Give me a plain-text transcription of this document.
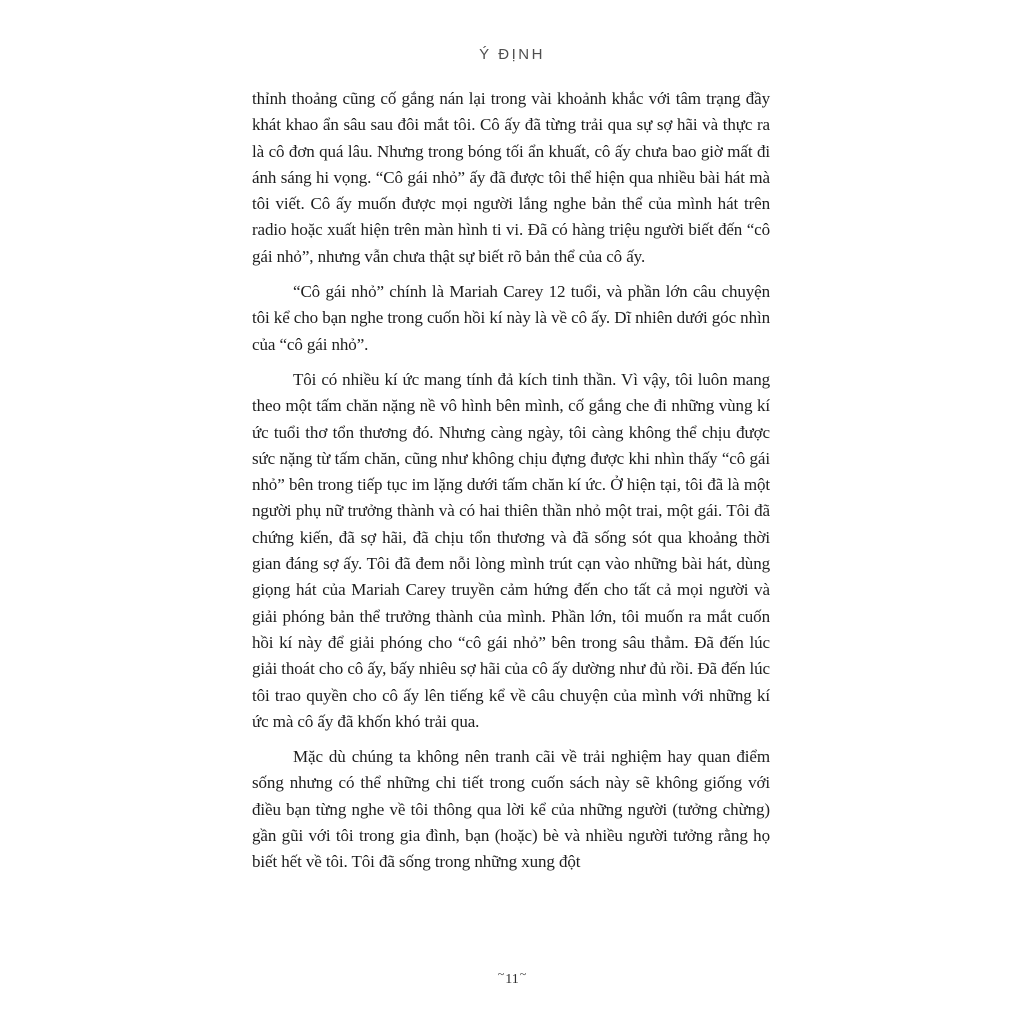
Ý ĐỊNH

thỉnh thoảng cũng cố gắng nán lại trong vài khoảnh khắc với tâm trạng đầy khát khao ẩn sâu sau đôi mắt tôi. Cô ấy đã từng trải qua sự sợ hãi và thực ra là cô đơn quá lâu. Nhưng trong bóng tối ẩn khuất, cô ấy chưa bao giờ mất đi ánh sáng hi vọng. “Cô gái nhỏ” ấy đã được tôi thể hiện qua nhiều bài hát mà tôi viết. Cô ấy muốn được mọi người lắng nghe bản thể của mình hát trên radio hoặc xuất hiện trên màn hình ti vi. Đã có hàng triệu người biết đến “cô gái nhỏ”, nhưng vẫn chưa thật sự biết rõ bản thể của cô ấy.

“Cô gái nhỏ” chính là Mariah Carey 12 tuổi, và phần lớn câu chuyện tôi kể cho bạn nghe trong cuốn hồi kí này là về cô ấy. Dĩ nhiên dưới góc nhìn của “cô gái nhỏ”.

Tôi có nhiều kí ức mang tính đả kích tinh thần. Vì vậy, tôi luôn mang theo một tấm chăn nặng nề vô hình bên mình, cố gắng che đi những vùng kí ức tuổi thơ tổn thương đó. Nhưng càng ngày, tôi càng không thể chịu được sức nặng từ tấm chăn, cũng như không chịu đựng được khi nhìn thấy “cô gái nhỏ” bên trong tiếp tục im lặng dưới tấm chăn kí ức. Ở hiện tại, tôi đã là một người phụ nữ trưởng thành và có hai thiên thần nhỏ một trai, một gái. Tôi đã chứng kiến, đã sợ hãi, đã chịu tổn thương và đã sống sót qua khoảng thời gian đáng sợ ấy. Tôi đã đem nỗi lòng mình trút cạn vào những bài hát, dùng giọng hát của Mariah Carey truyền cảm hứng đến cho tất cả mọi người và giải phóng bản thể trưởng thành của mình. Phần lớn, tôi muốn ra mắt cuốn hồi kí này để giải phóng cho “cô gái nhỏ” bên trong sâu thẳm. Đã đến lúc giải thoát cho cô ấy, bấy nhiêu sợ hãi của cô ấy dường như đủ rồi. Đã đến lúc tôi trao quyền cho cô ấy lên tiếng kể về câu chuyện của mình với những kí ức mà cô ấy đã khốn khó trải qua.

Mặc dù chúng ta không nên tranh cãi về trải nghiệm hay quan điểm sống nhưng có thể những chi tiết trong cuốn sách này sẽ không giống với điều bạn từng nghe về tôi thông qua lời kể của những người (tưởng chừng) gần gũi với tôi trong gia đình, bạn (hoặc) bè và nhiều người tưởng rằng họ biết hết về tôi. Tôi đã sống trong những xung đột

~11~
